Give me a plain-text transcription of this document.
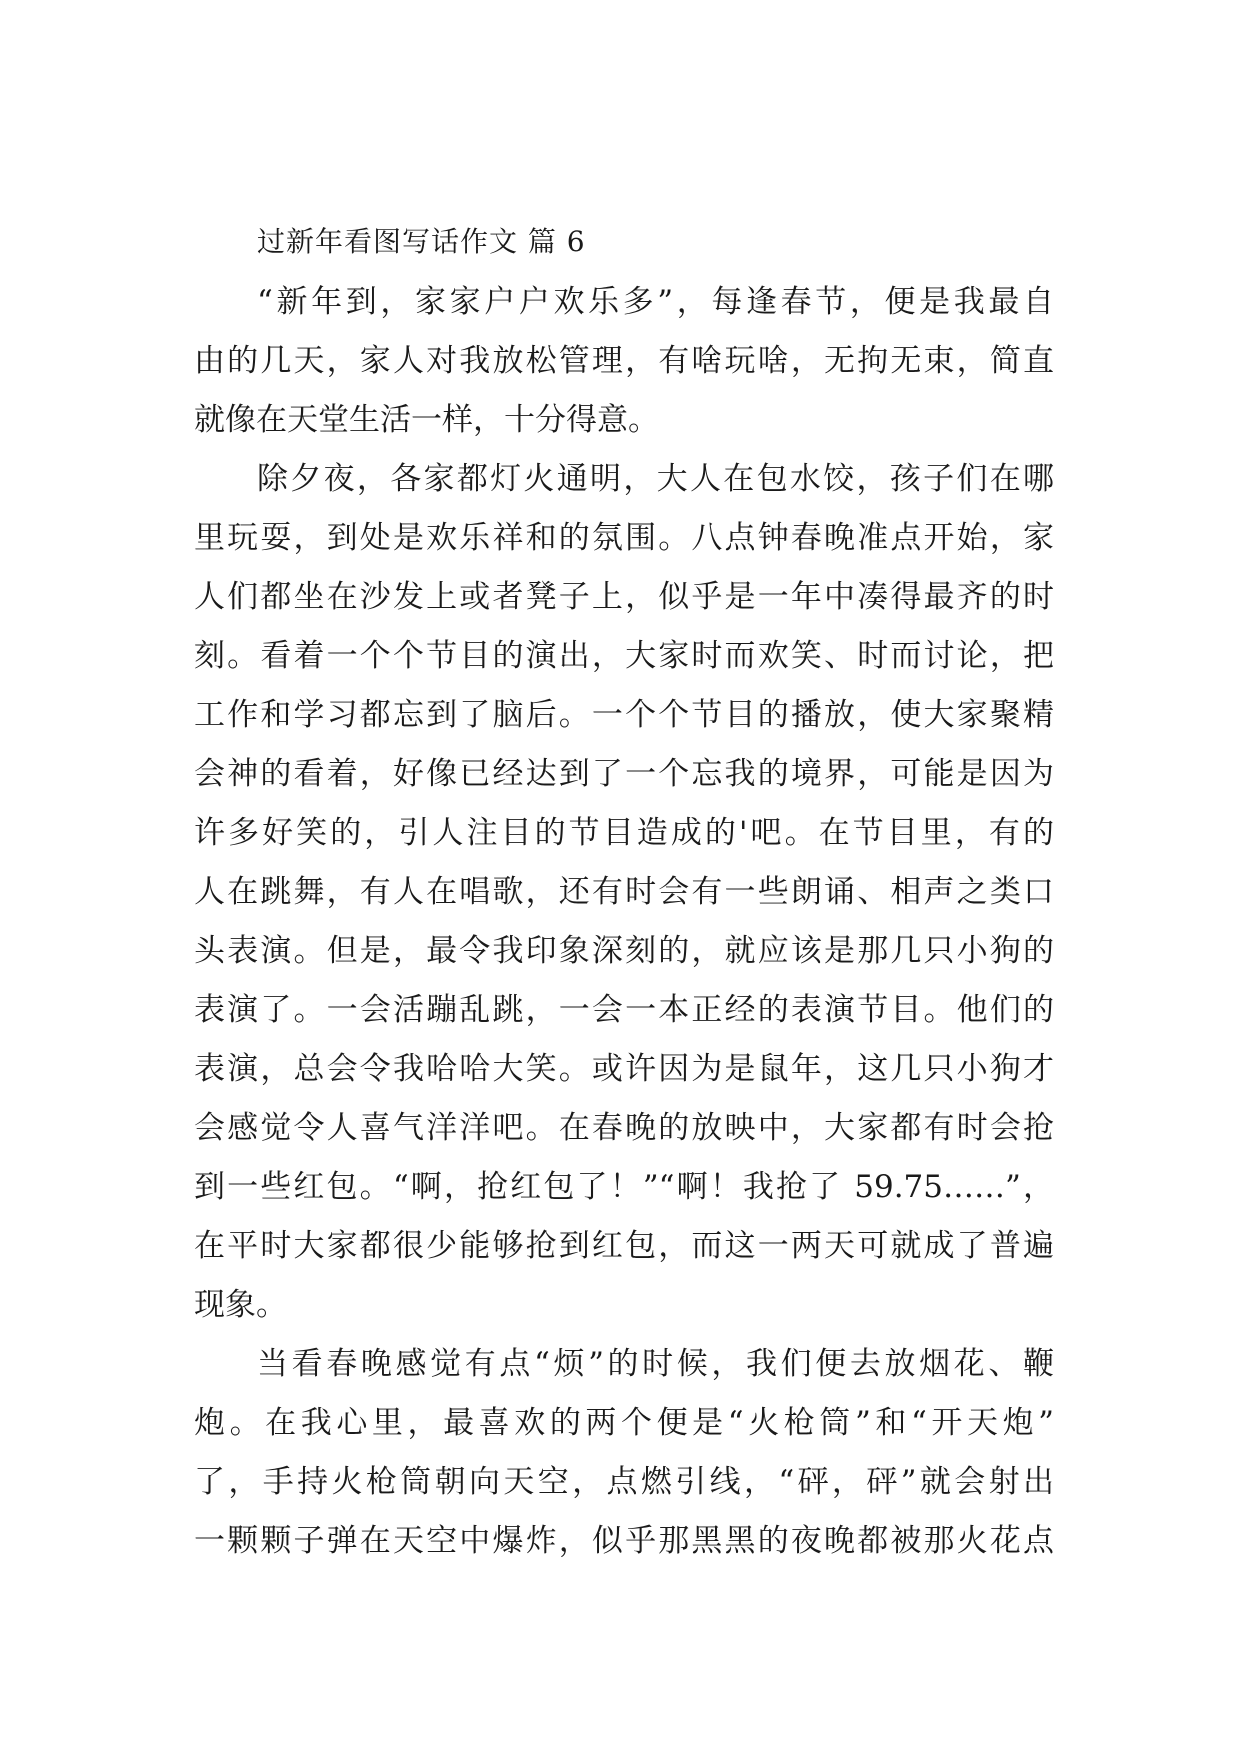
过新年看图写话作文 篇 6
“新年到，家家户户欢乐多”，每逢春节，便是我最自
由的几天，家人对我放松管理，有啥玩啥，无拘无束，简直
就像在天堂生活一样，十分得意。
除夕夜，各家都灯火通明，大人在包水饺，孩子们在哪
里玩耍，到处是欢乐祥和的氛围。八点钟春晚准点开始，家
人们都坐在沙发上或者凳子上，似乎是一年中凑得最齐的时
刻。看着一个个节目的演出，大家时而欢笑、时而讨论，把
工作和学习都忘到了脑后。一个个节目的播放，使大家聚精
会神的看着，好像已经达到了一个忘我的境界，可能是因为
许多好笑的，引人注目的节目造成的'吧。在节目里，有的
人在跳舞，有人在唱歌，还有时会有一些朗诵、相声之类口
头表演。但是，最令我印象深刻的，就应该是那几只小狗的
表演了。一会活蹦乱跳，一会一本正经的表演节目。他们的
表演，总会令我哈哈大笑。或许因为是鼠年，这几只小狗才
会感觉令人喜气洋洋吧。在春晚的放映中，大家都有时会抢
到一些红包。“啊，抢红包了！”“啊！我抢了 59.75……”，
在平时大家都很少能够抢到红包，而这一两天可就成了普遍
现象。
当看春晚感觉有点“烦”的时候，我们便去放烟花、鞭
炮。在我心里，最喜欢的两个便是“火枪筒”和“开天炮”
了，手持火枪筒朝向天空，点燃引线，“砰，砰”就会射出
一颗颗子弹在天空中爆炸，似乎那黑黑的夜晚都被那火花点
